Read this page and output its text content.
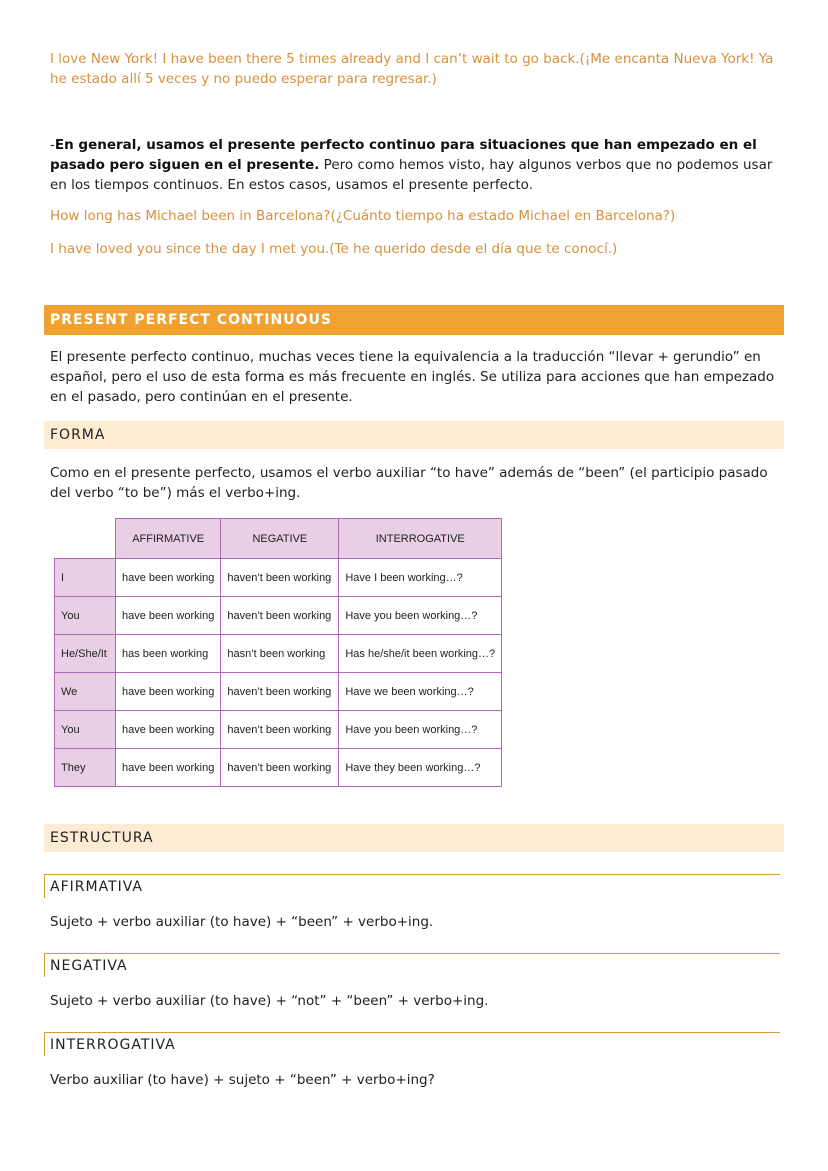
I love New York! I have been there 5 times already and I can’t wait to go back.(¡Me encanta Nueva York! Ya he estado allí 5 veces y no puedo esperar para regresar.)

-En general, usamos el presente perfecto continuo para situaciones que han empezado en el pasado pero siguen en el presente. Pero como hemos visto, hay algunos verbos que no podemos usar en los tiempos continuos. En estos casos, usamos el presente perfecto.

How long has Michael been in Barcelona?(¿Cuánto tiempo ha estado Michael en Barcelona?)

I have loved you since the day I met you.(Te he querido desde el día que te conocí.)

PRESENT PERFECT CONTINUOUS

El presente perfecto continuo, muchas veces tiene la equivalencia a la traducción “llevar + gerundio” en español, pero el uso de esta forma es más frecuente en inglés. Se utiliza para acciones que han empezado en el pasado, pero continúan en el presente.

FORMA

Como en el presente perfecto, usamos el verbo auxiliar “to have” además de “been” (el participio pasado del verbo “to be”) más el verbo+ing.

	AFFIRMATIVE	NEGATIVE	INTERROGATIVE
I	have been working	haven’t been working	Have I been working…?
You	have been working	haven’t been working	Have you been working…?
He/She/It	has been working	hasn’t been working	Has he/she/it been working…?
We	have been working	haven’t been working	Have we been working…?
You	have been working	haven’t been working	Have you been working…?
They	have been working	haven’t been working	Have they been working…?
ESTRUCTURA
AFIRMATIVA

Sujeto + verbo auxiliar (to have) + “been” + verbo+ing.

NEGATIVA

Sujeto + verbo auxiliar (to have) + “not” + “been” + verbo+ing.

INTERROGATIVA

Verbo auxiliar (to have) + sujeto + “been” + verbo+ing?
